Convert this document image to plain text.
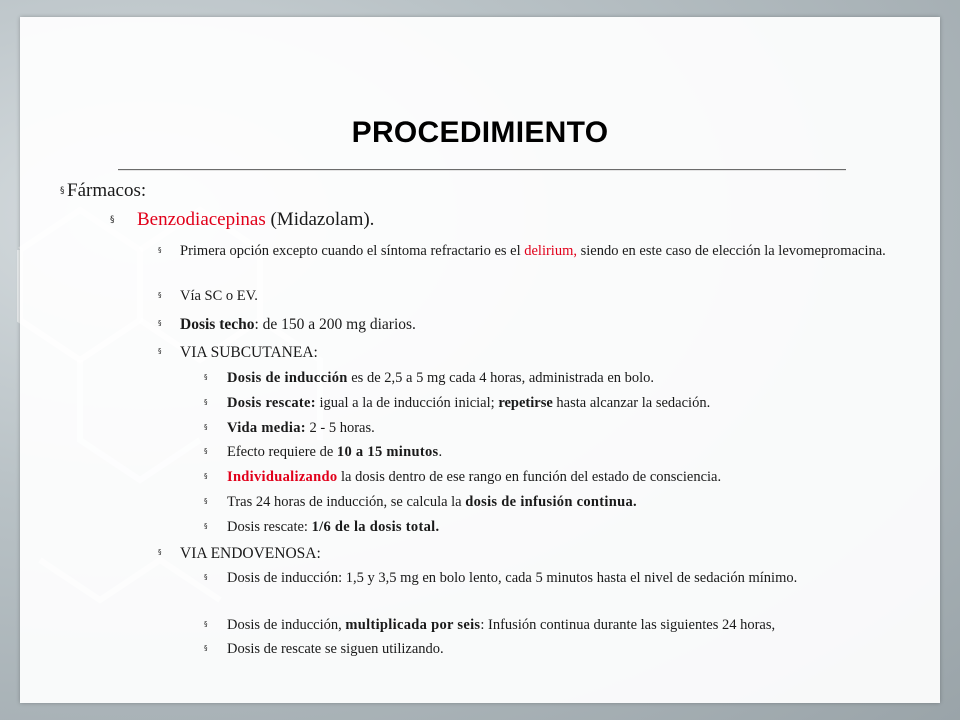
PROCEDIMIENTO
§ Fármacos:
§ Benzodiacepinas (Midazolam).
§ Primera opción excepto cuando el síntoma refractario es el delirium, siendo en este caso de elección la levomepromacina.
§ Vía SC o EV.
§ Dosis techo: de 150 a 200 mg diarios.
§ VIA SUBCUTANEA:
§ Dosis de inducción es de 2,5 a 5 mg cada 4 horas, administrada en bolo.
§ Dosis rescate: igual a la de inducción inicial; repetirse hasta alcanzar la sedación.
§ Vida media: 2 - 5 horas.
§ Efecto requiere de 10 a 15 minutos.
§ Individualizando la dosis dentro de ese rango en función del estado de consciencia.
§ Tras 24 horas de inducción, se calcula la dosis de infusión continua.
§ Dosis rescate: 1/6 de la dosis total.
§ VIA ENDOVENOSA:
§ Dosis de inducción: 1,5 y 3,5 mg en bolo lento, cada 5 minutos hasta el nivel de sedación mínimo.
§ Dosis de inducción, multiplicada por seis: Infusión continua durante las siguientes 24 horas,
§ Dosis de rescate se siguen utilizando.
